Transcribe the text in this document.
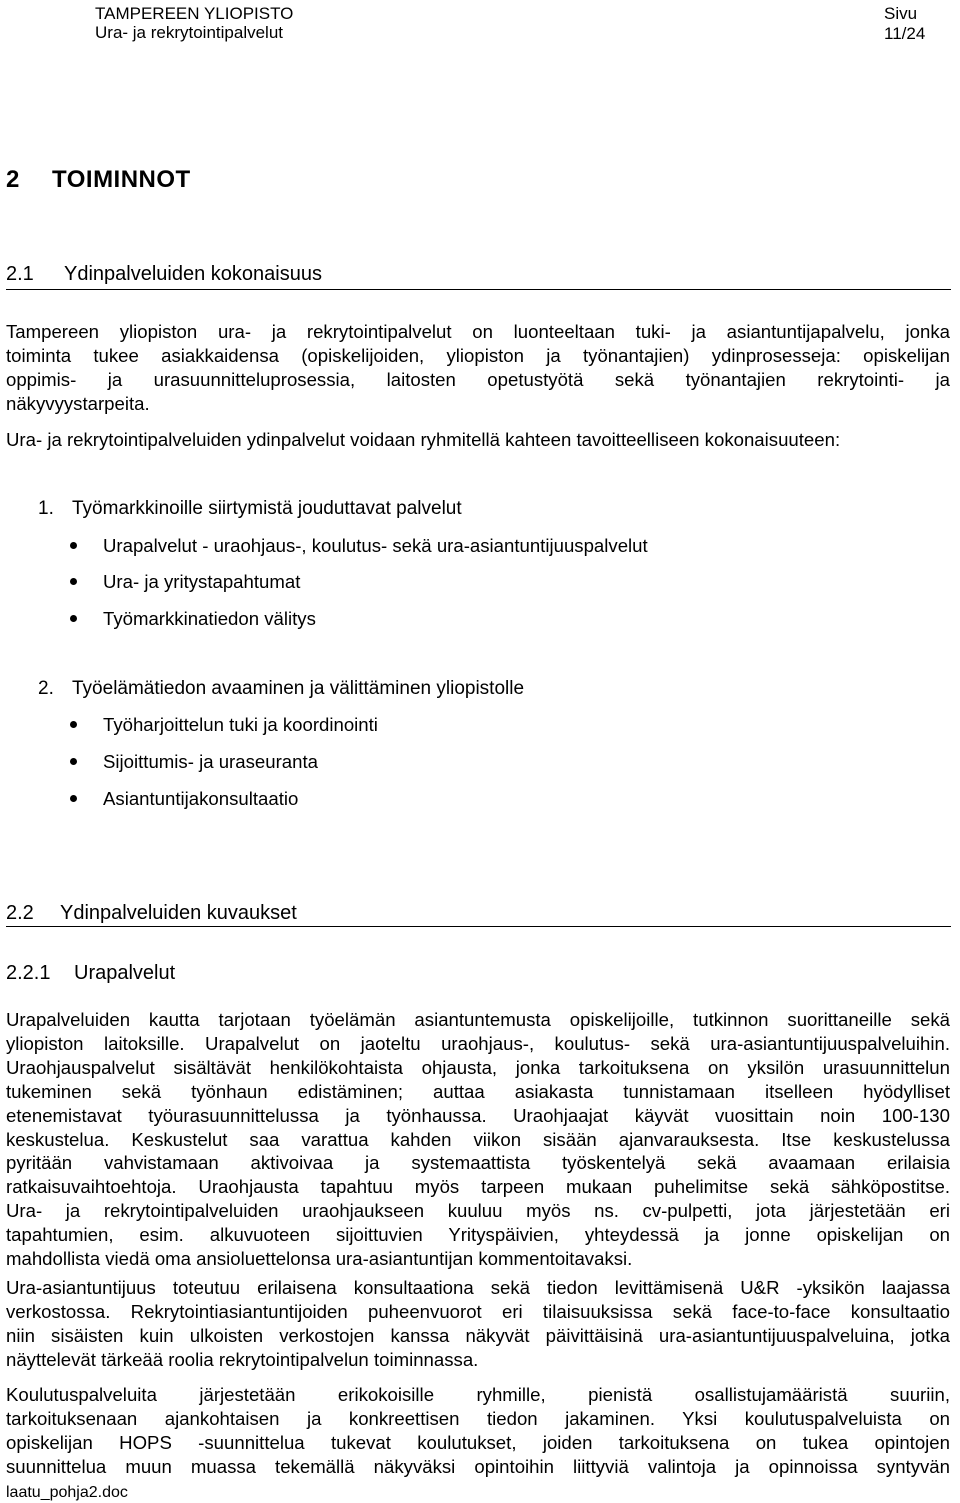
TAMPEREEN YLIOPISTO
Ura- ja rekrytointipalvelut
Sivu 11/24
2 TOIMINNOT
2.1 Ydinpalveluiden kokonaisuus
Tampereen yliopiston ura- ja rekrytointipalvelut on luonteeltaan tuki- ja asiantuntijapalvelu, jonka
toiminta tukee asiakkaidensa (opiskelijoiden, yliopiston ja työnantajien) ydinprosesseja: opiskelijan
oppimis- ja urasuunnitteluprosessia, laitosten opetustyötä sekä työnantajien rekrytointi- ja
näkyvyystarpeita.
Ura- ja rekrytointipalveluiden ydinpalvelut voidaan ryhmitellä kahteen tavoitteelliseen kokonaisuuteen:
1. Työmarkkinoille siirtymistä jouduttavat palvelut
Urapalvelut - uraohjaus-, koulutus- sekä ura-asiantuntijuuspalvelut
Ura- ja yritystapahtumat
Työmarkkinatiedon välitys
2. Työelämätiedon avaaminen ja välittäminen yliopistolle
Työharjoittelun tuki ja koordinointi
Sijoittumis- ja uraseuranta
Asiantuntijakonsultaatio
2.2 Ydinpalveluiden kuvaukset
2.2.1 Urapalvelut
Urapalveluiden kautta tarjotaan työelämän asiantuntemusta opiskelijoille, tutkinnon suorittaneille sekä
yliopiston laitoksille. Urapalvelut on jaoteltu uraohjaus-, koulutus- sekä ura-asiantuntijuuspalveluihin.
Uraohjauspalvelut sisältävät henkilökohtaista ohjausta, jonka tarkoituksena on yksilön urasuunnittelun
tukeminen sekä työnhaun edistäminen; auttaa asiakasta tunnistamaan itselleen hyödylliset
etenemistavat työurasuunnittelussa ja työnhaussa. Uraohjaajat käyvät vuosittain noin 100-130
keskustelua. Keskustelut saa varattua kahden viikon sisään ajanvarauksesta. Itse keskustelussa
pyritään vahvistamaan aktivoivaa ja systemaattista työskentelyä sekä avaamaan erilaisia
ratkaisuvaihtoehtoja. Uraohjausta tapahtuu myös tarpeen mukaan puhelimitse sekä sähköpostitse.
Ura- ja rekrytointipalveluiden uraohjaukseen kuuluu myös ns. cv-pulpetti, jota järjestetään eri
tapahtumien, esim. alkuvuoteen sijoittuvien Yrityspäivien, yhteydessä ja jonne opiskelijan on
mahdollista viedä oma ansioluettelonsa ura-asiantuntijan kommentoitavaksi.
Ura-asiantuntijuus toteutuu erilaisena konsultaationa sekä tiedon levittämisenä U&R -yksikön laajassa
verkostossa. Rekrytointiasiantuntijoiden puheenvuorot eri tilaisuuksissa sekä face-to-face konsultaatio
niin sisäisten kuin ulkoisten verkostojen kanssa näkyvät päivittäisinä ura-asiantuntijuuspalveluina, jotka
näyttelevät tärkeää roolia rekrytointipalvelun toiminnassa.
Koulutuspalveluita järjestetään erikokoisille ryhmille, pienistä osallistujamääristä suuriin,
tarkoituksenaan ajankohtaisen ja konkreettisen tiedon jakaminen. Yksi koulutuspalveluista on
opiskelijan HOPS -suunnittelua tukevat koulutukset, joiden tarkoituksena on tukea opintojen
suunnittelua muun muassa tekemällä näkyväksi opintoihin liittyviä valintoja ja opinnoissa syntyvän
laatu_pohja2.doc
